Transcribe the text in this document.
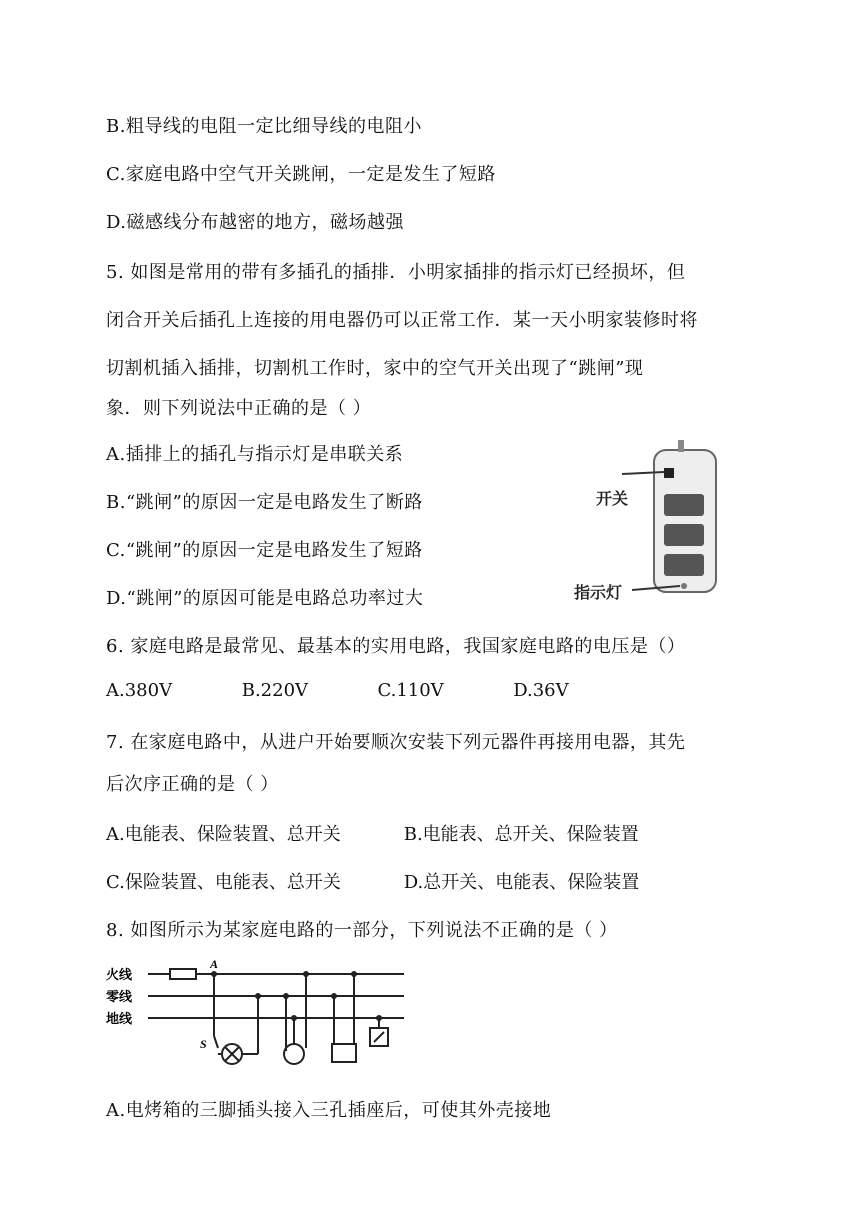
B.粗导线的电阻一定比细导线的电阻小
C.家庭电路中空气开关跳闸，一定是发生了短路
D.磁感线分布越密的地方，磁场越强
5. 如图是常用的带有多插孔的插排．小明家插排的指示灯已经损坏，但
闭合开关后插孔上连接的用电器仍可以正常工作．某一天小明家装修时将
切割机插入插排，切割机工作时，家中的空气开关出现了“跳闸”现
象．则下列说法中正确的是（ ）
A.插排上的插孔与指示灯是串联关系
B.“跳闸”的原因一定是电路发生了断路
C.“跳闸”的原因一定是电路发生了短路
D.“跳闸”的原因可能是电路总功率过大
开关
指示灯
6. 家庭电路是最常见、最基本的实用电路，我国家庭电路的电压是（）
A.380V	B.220V	C.110V	D.36V
7. 在家庭电路中，从进户开始要顺次安装下列元器件再接用电器，其先
后次序正确的是（ ）
A.电能表、保险装置、总开关	B.电能表、总开关、保险装置
C.保险装置、电能表、总开关	D.总开关、电能表、保险装置
8. 如图所示为某家庭电路的一部分，下列说法不正确的是（ ）
火线
零线
地线
A
S
A.电烤箱的三脚插头接入三孔插座后，可使其外壳接地
